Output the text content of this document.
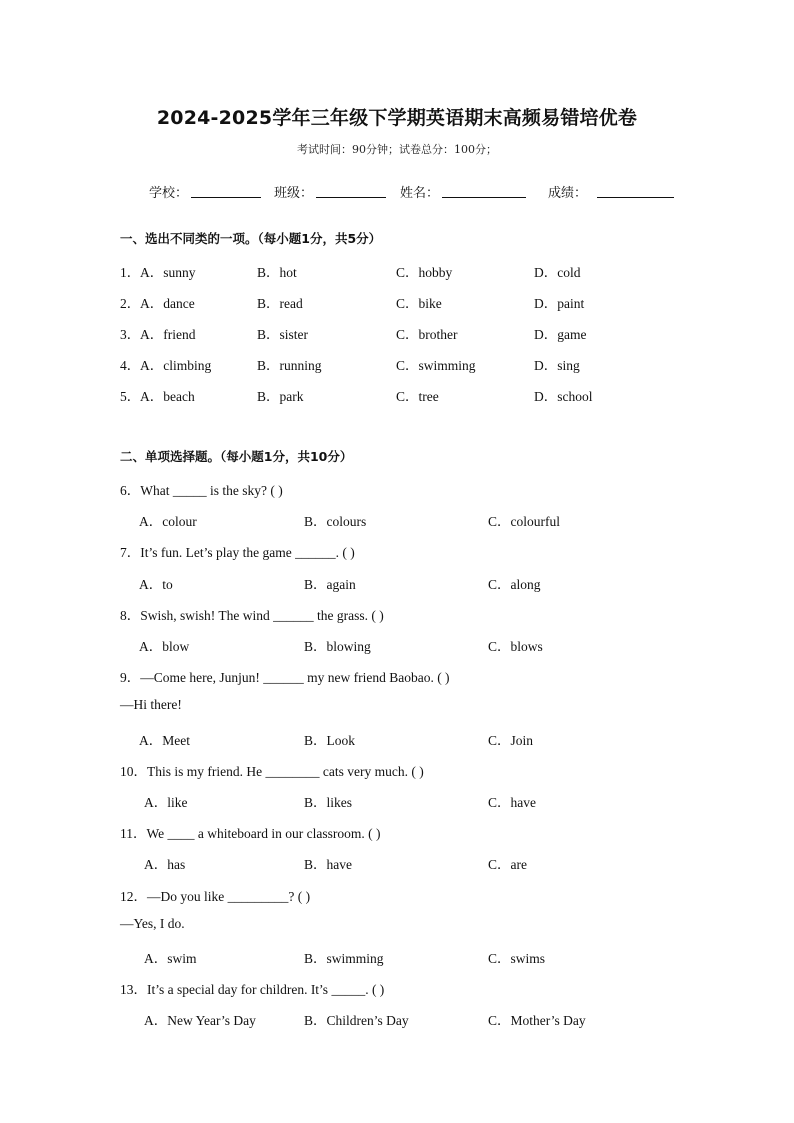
2024-2025学年三年级下学期英语期末高频易错培优卷
考试时间：90分钟；试卷总分：100分；
学校：	班级：	姓名：	成绩：
一、选出不同类的一项。（每小题1分，共5分）
1． A．sunny	B．hot	C．hobby	D．cold
2． A．dance	B．read	C．bike	D．paint
3． A．friend	B．sister	C．brother	D．game
4． A．climbing	B．running	C．swimming	D．sing
5． A．beach	B．park	C．tree	D．school
二、单项选择题。（每小题1分，共10分）
6．What _____ is the sky? ( )
A．colour	B．colours	C．colourful
7．It’s fun. Let’s play the game ______. ( )
A．to	B．again	C．along
8．Swish, swish! The wind ______ the grass. ( )
A．blow	B．blowing	C．blows
9．—Come here, Junjun! ______ my new friend Baobao. ( )
—Hi there!
A．Meet	B．Look	C．Join
10．This is my friend. He ________ cats very much. ( )
A．like	B．likes	C．have
11．We ____ a whiteboard in our classroom. ( )
A．has	B．have	C．are
12．—Do you like _________? ( )
—Yes, I do.
A．swim	B．swimming	C．swims
13．It’s a special day for children. It’s _____. ( )
A．New Year’s Day	B．Children’s Day	C．Mother’s Day
